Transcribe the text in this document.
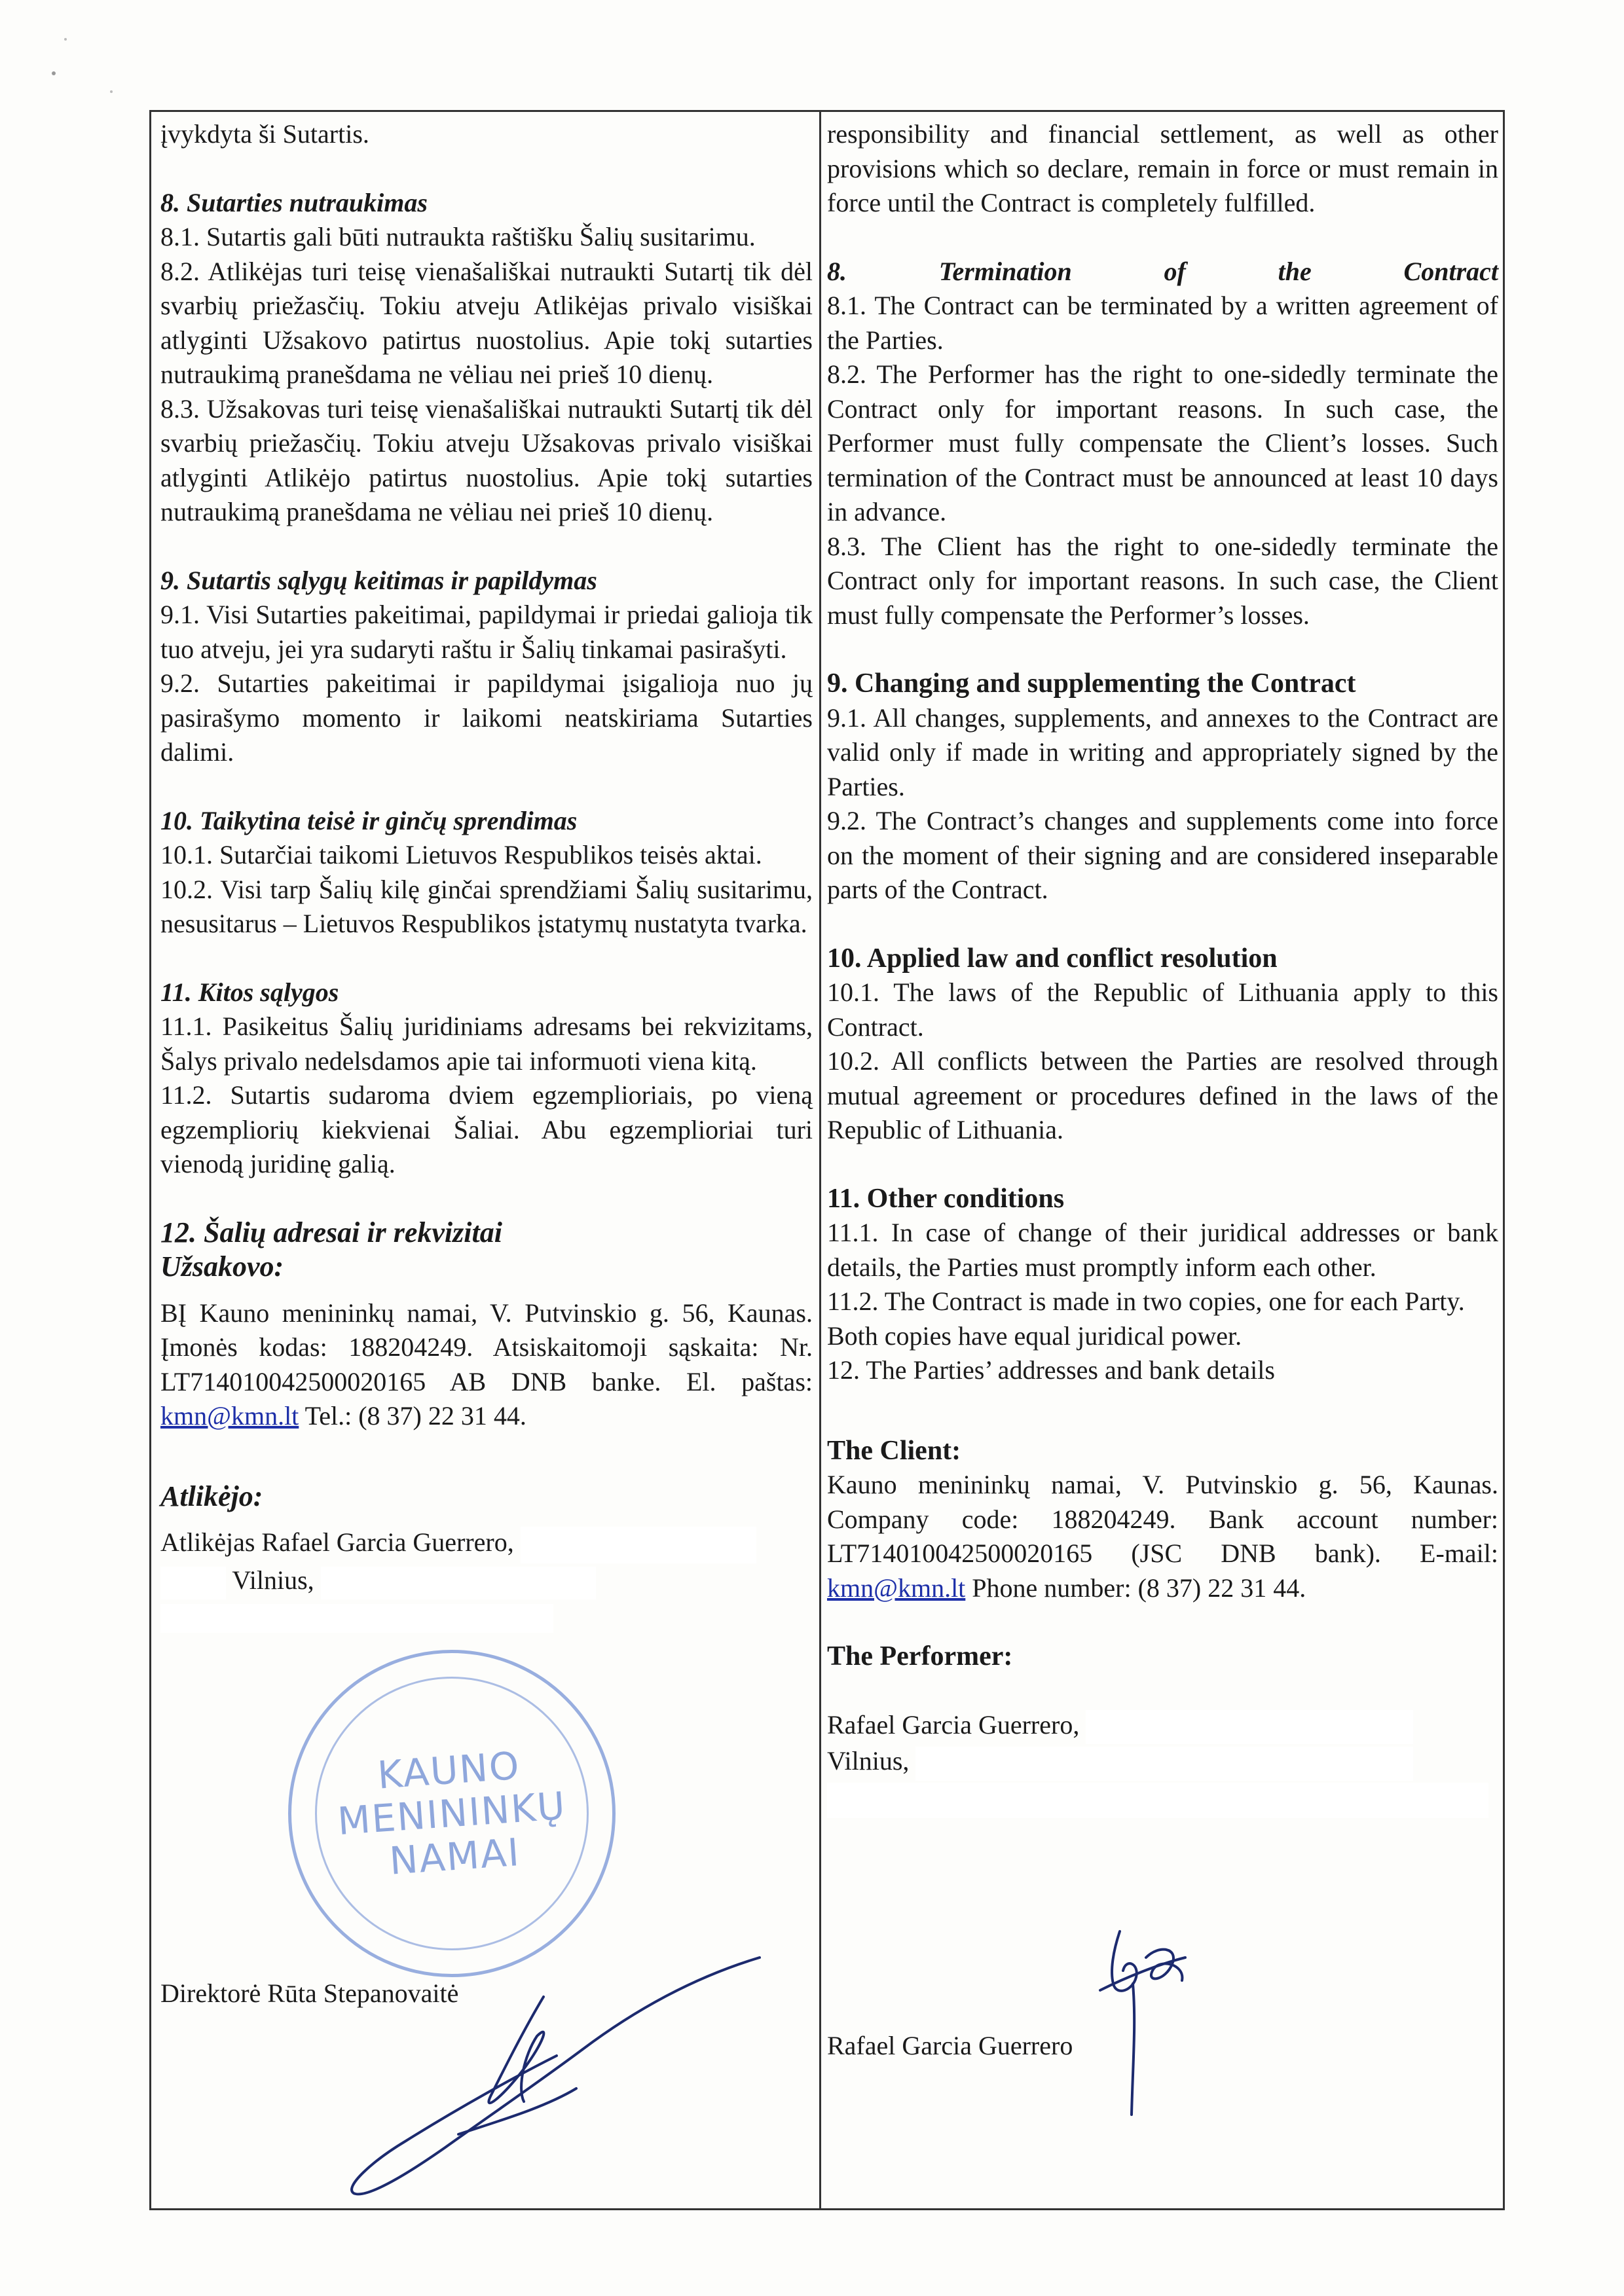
įvykdyta ši Sutartis.

8. Sutarties nutraukimas

8.1. Sutartis gali būti nutraukta raštišku Šalių susitarimu.

8.2. Atlikėjas turi teisę vienašališkai nutraukti Sutartį tik dėl svarbių priežasčių. Tokiu atveju Atlikėjas privalo visiškai atlyginti Užsakovo patirtus nuostolius. Apie tokį sutarties nutraukimą pranešdama ne vėliau nei prieš 10 dienų.

8.3. Užsakovas turi teisę vienašališkai nutraukti Sutartį tik dėl svarbių priežasčių. Tokiu atveju Užsakovas privalo visiškai atlyginti Atlikėjo patirtus nuostolius. Apie tokį sutarties nutraukimą pranešdama ne vėliau nei prieš 10 dienų.

9. Sutartis sąlygų keitimas ir papildymas

9.1. Visi Sutarties pakeitimai, papildymai ir priedai galioja tik tuo atveju, jei yra sudaryti raštu ir Šalių tinkamai pasirašyti.

9.2. Sutarties pakeitimai ir papildymai įsigalioja nuo jų pasirašymo momento ir laikomi neatskiriama Sutarties dalimi.

10. Taikytina teisė ir ginčų sprendimas

10.1. Sutarčiai taikomi Lietuvos Respublikos teisės aktai.

10.2. Visi tarp Šalių kilę ginčai sprendžiami Šalių susitarimu, nesusitarus – Lietuvos Respublikos įstatymų nustatyta tvarka.

11. Kitos sąlygos

11.1. Pasikeitus Šalių juridiniams adresams bei rekvizitams, Šalys privalo nedelsdamos apie tai informuoti viena kitą.

11.2. Sutartis sudaroma dviem egzemplioriais, po vieną egzempliorių kiekvienai Šaliai. Abu egzemplioriai turi vienodą juridinę galią.

12. Šalių adresai ir rekvizitai
Užsakovo:

BĮ Kauno menininkų namai, V. Putvinskio g. 56, Kaunas. Įmonės kodas: 188204249. Atsiskaitomoji sąskaita: Nr. LT714010042500020165 AB DNB banke. El. paštas: kmn@kmn.lt Tel.: (8 37) 22 31 44.

Atlikėjo:

Atlikėjas Rafael Garcia Guerrero,

Vilnius,

Direktorė Rūta Stepanovaitė

responsibility and financial settlement, as well as other provisions which so declare, remain in force or must remain in force until the Contract is completely fulfilled.

8. Termination of the Contract

8.1. The Contract can be terminated by a written agreement of the Parties.

8.2. The Performer has the right to one-sidedly terminate the Contract only for important reasons. In such case, the Performer must fully compensate the Client’s losses. Such termination of the Contract must be announced at least 10 days in advance.

8.3. The Client has the right to one-sidedly terminate the Contract only for important reasons. In such case, the Client must fully compensate the Performer’s losses.

9. Changing and supplementing the Contract

9.1. All changes, supplements, and annexes to the Contract are valid only if made in writing and appropriately signed by the Parties.

9.2. The Contract’s changes and supplements come into force on the moment of their signing and are considered inseparable parts of the Contract.

10. Applied law and conflict resolution

10.1. The laws of the Republic of Lithuania apply to this Contract.

10.2. All conflicts between the Parties are resolved through mutual agreement or procedures defined in the laws of the Republic of Lithuania.

11. Other conditions

11.1. In case of change of their juridical addresses or bank details, the Parties must promptly inform each other.

11.2. The Contract is made in two copies, one for each Party. Both copies have equal juridical power.

12. The Parties’ addresses and bank details

The Client:

Kauno menininkų namai, V. Putvinskio g. 56, Kaunas. Company code: 188204249. Bank account number: LT714010042500020165 (JSC DNB bank). E-mail: kmn@kmn.lt Phone number: (8 37) 22 31 44.

The Performer:

Rafael Garcia Guerrero,

Vilnius,

Rafael Garcia Guerrero

KAUNO MENININKŲ NAMAI
